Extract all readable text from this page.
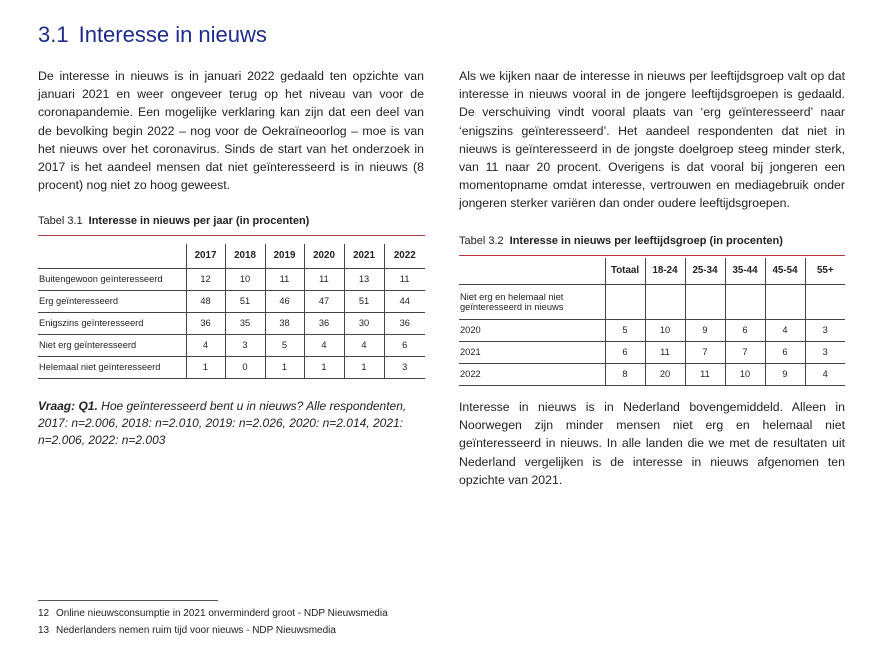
3.1 Interesse in nieuws
De interesse in nieuws is in januari 2022 gedaald ten opzichte van januari 2021 en weer ongeveer terug op het niveau van voor de coronapandemie. Een mogelijke verklaring kan zijn dat een deel van de bevolking begin 2022 – nog voor de Oekraïneoorlog – moe is van het nieuws over het coronavirus. Sinds de start van het onderzoek in 2017 is het aandeel mensen dat niet geïnteresseerd is in nieuws (8 procent) nog niet zo hoog geweest.
Als we kijken naar de interesse in nieuws per leeftijdsgroep valt op dat interesse in nieuws vooral in de jongere leeftijdsgroepen is gedaald. De verschuiving vindt vooral plaats van ‘erg geïnteresseerd’ naar ‘enigszins geïnteresseerd’. Het aandeel respondenten dat niet in nieuws is geïnteresseerd in de jongste doelgroep steeg minder sterk, van 11 naar 20 procent. Overigens is dat vooral bij jongeren een momentopname omdat interesse, vertrouwen en mediagebruik onder jongeren sterker variëren dan onder oudere leeftijdsgroepen.
Tabel 3.1 Interesse in nieuws per jaar (in procenten)
	2017	2018	2019	2020	2021	2022
Buitengewoon geïnteresseerd	12	10	11	11	13	11
Erg geïnteresseerd	48	51	46	47	51	44
Enigszins geïnteresseerd	36	35	38	36	30	36
Niet erg geïnteresseerd	4	3	5	4	4	6
Helemaal niet geïnteresseerd	1	0	1	1	1	3
Vraag: Q1. Hoe geïnteresseerd bent u in nieuws? Alle respondenten, 2017: n=2.006, 2018: n=2.010, 2019: n=2.026, 2020: n=2.014, 2021: n=2.006, 2022: n=2.003
Tabel 3.2 Interesse in nieuws per leeftijdsgroep (in procenten)
	Totaal	18-24	25-34	35-44	45-54	55+
Niet erg en helemaal niet geïnteresseerd in nieuws						
2020	5	10	9	6	4	3
2021	6	11	7	7	6	3
2022	8	20	11	10	9	4
Interesse in nieuws is in Nederland bovengemiddeld. Alleen in Noorwegen zijn minder mensen niet erg en helemaal niet geïnteresseerd in nieuws. In alle landen die we met de resultaten uit Nederland vergelijken is de interesse in nieuws afgenomen ten opzichte van 2021.
12 Online nieuwsconsumptie in 2021 onverminderd groot - NDP Nieuwsmedia
13 Nederlanders nemen ruim tijd voor nieuws - NDP Nieuwsmedia
